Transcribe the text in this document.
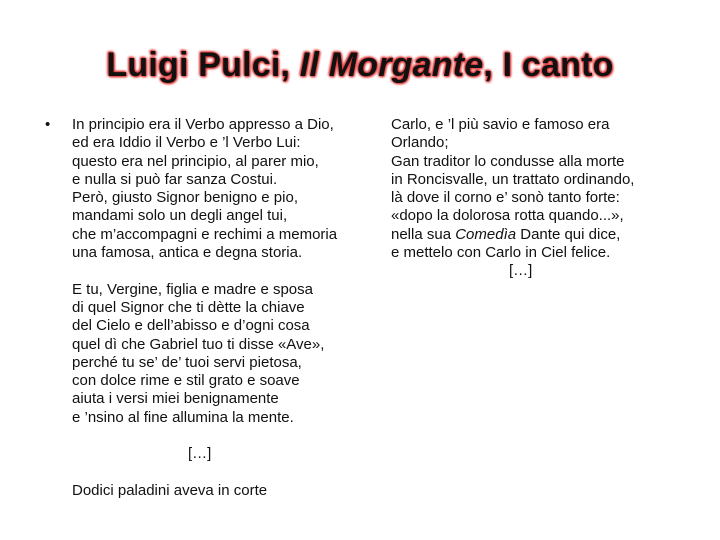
Luigi Pulci, Il Morgante, I canto
• In principio era il Verbo appresso a Dio,
ed era Iddio il Verbo e ’l Verbo Lui:
questo era nel principio, al parer mio,
e nulla si può far sanza Costui.
Però, giusto Signor benigno e pio,
mandami solo un degli angel tui,
che m’accompagni e rechimi a memoria
una famosa, antica e degna storia.
E tu, Vergine, figlia e madre e sposa
di quel Signor che ti dètte la chiave
del Cielo e dell’abisso e d’ogni cosa
quel dì che Gabriel tuo ti disse «Ave»,
perché tu se’ de’ tuoi servi pietosa,
con dolce rime e stil grato e soave
aiuta i versi miei benignamente
e ’nsino al fine allumina la mente.
[…]
Dodici paladini aveva in corte
Carlo, e ’l più savio e famoso era
Orlando;
Gan traditor lo condusse alla morte
in Roncisvalle, un trattato ordinando,
là dove il corno e’ sonò tanto forte:
«dopo la dolorosa rotta quando...»,
nella sua Comedìa Dante qui dice,
e mettelo con Carlo in Ciel felice.
[…]
